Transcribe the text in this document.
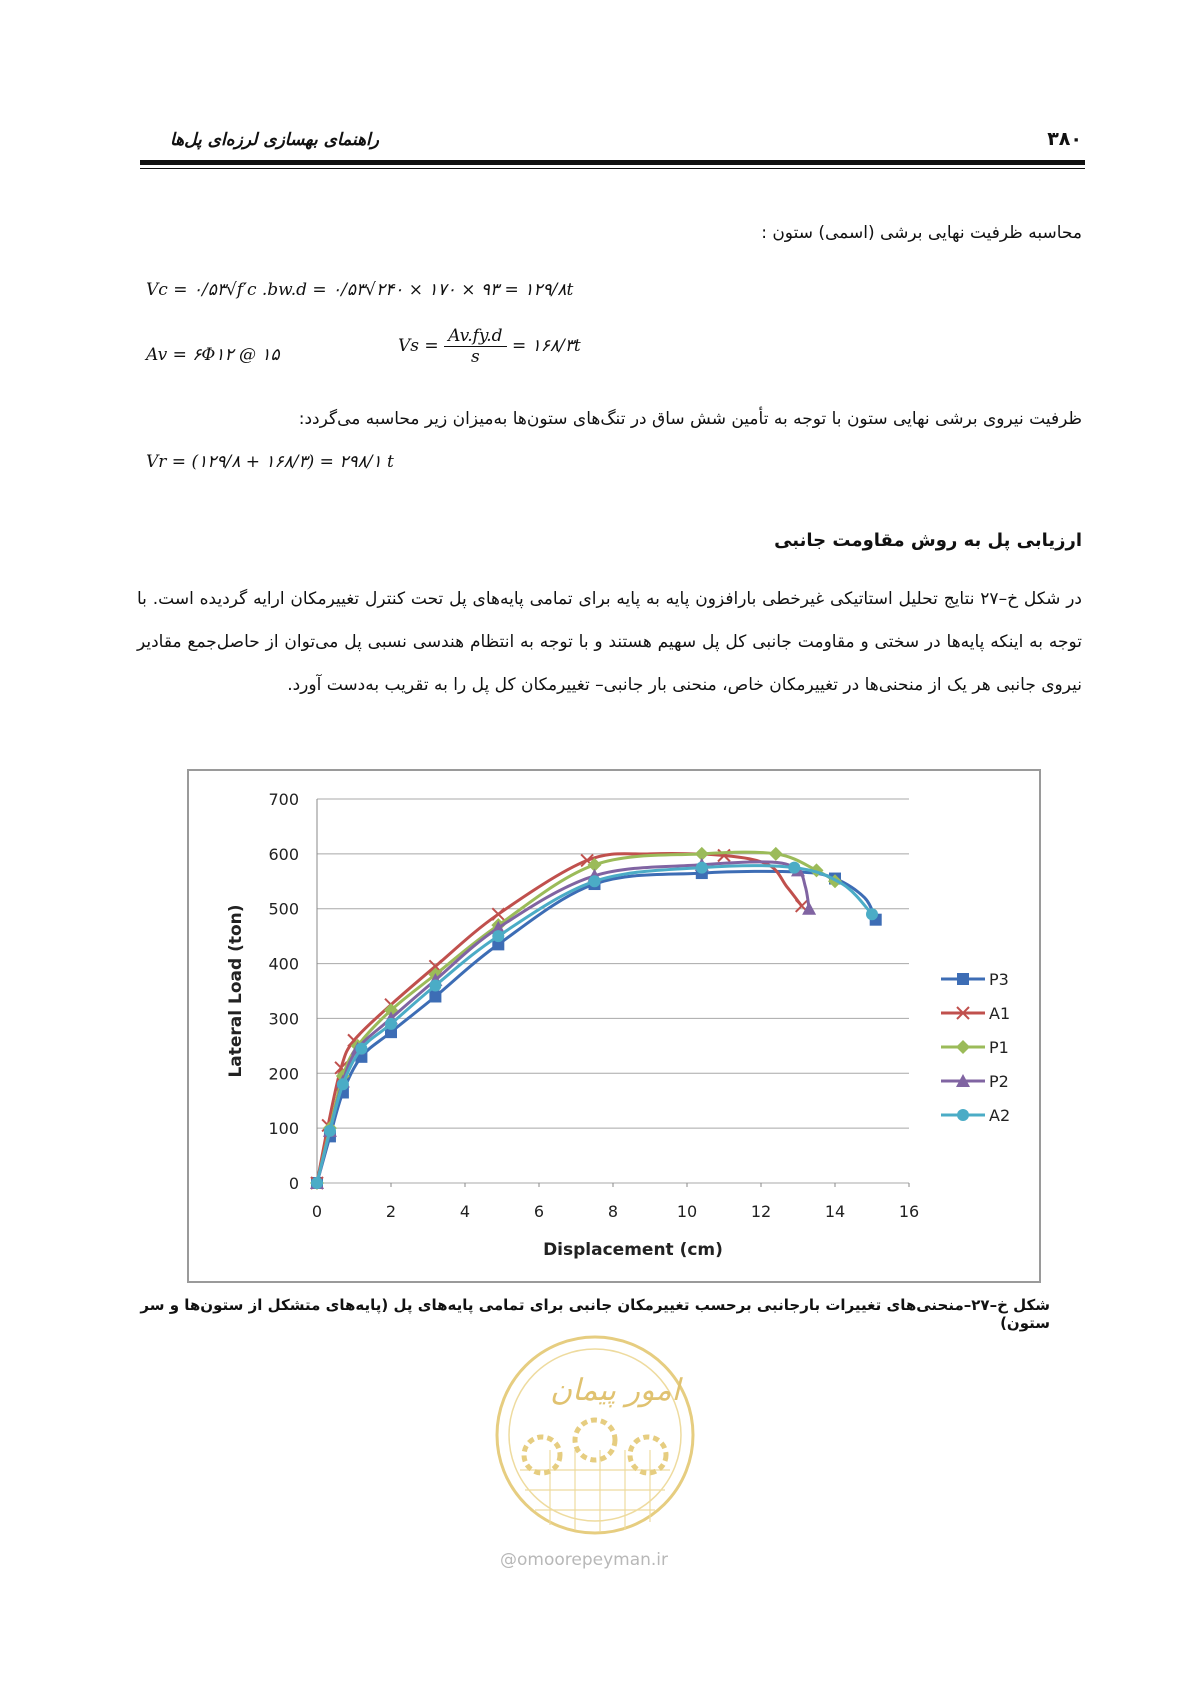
راهنمای بهسازی لرزه‌ای پل‌ها	۳۸۰
محاسبه ظرفیت نهایی برشی (اسمی) ستون :
Vc = ۰/۵۳√f′c .bw.d = ۰/۵۳√۲۴۰ × ۱۷۰ × ۹۳ = ۱۲۹/۸t
Av = ۶Φ۱۲ @ ۱۵	$Vs = \frac{Av.fy.d}{s}$ = ۱۶۸/۳t
ظرفیت نیروی برشی نهایی ستون با توجه به تأمین شش ساق در تنگ‌های ستون‌ها به‌میزان زیر محاسبه می‌گردد:
Vr = (۱۲۹/۸ + ۱۶۸/۳) = ۲۹۸/۱ t
ارزیابی پل به روش مقاومت جانبی
در شکل خ–۲۷ نتایج تحلیل استاتیکی غیرخطی بارافزون پایه به پایه برای تمامی پایه‌های پل تحت کنترل تغییرمکان ارایه گردیده است. با توجه به اینکه پایه‌ها در سختی و مقاومت جانبی کل پل سهیم هستند و با توجه به انتظام هندسی نسبی پل می‌توان از حاصل‌جمع مقادیر نیروی جانبی هر یک از منحنی‌ها در تغییرمکان خاص، منحنی بار جانبی– تغییرمکان کل پل را به تقریب به‌دست آورد.
0
100
200
300
400
500
600
700
0	2	4	6	8	10	12	14	16
Displacement (cm)
Lateral Load (ton)	P3
A1
P1
P2
A2
شکل خ–۲۷–منحنی‌های تغییرات بارجانبی برحسب تغییرمکان جانبی برای تمامی پایه‌های پل (پایه‌های متشکل از ستون‌ها و سر ستون)
امور پیمان
@omoorepeyman.ir
